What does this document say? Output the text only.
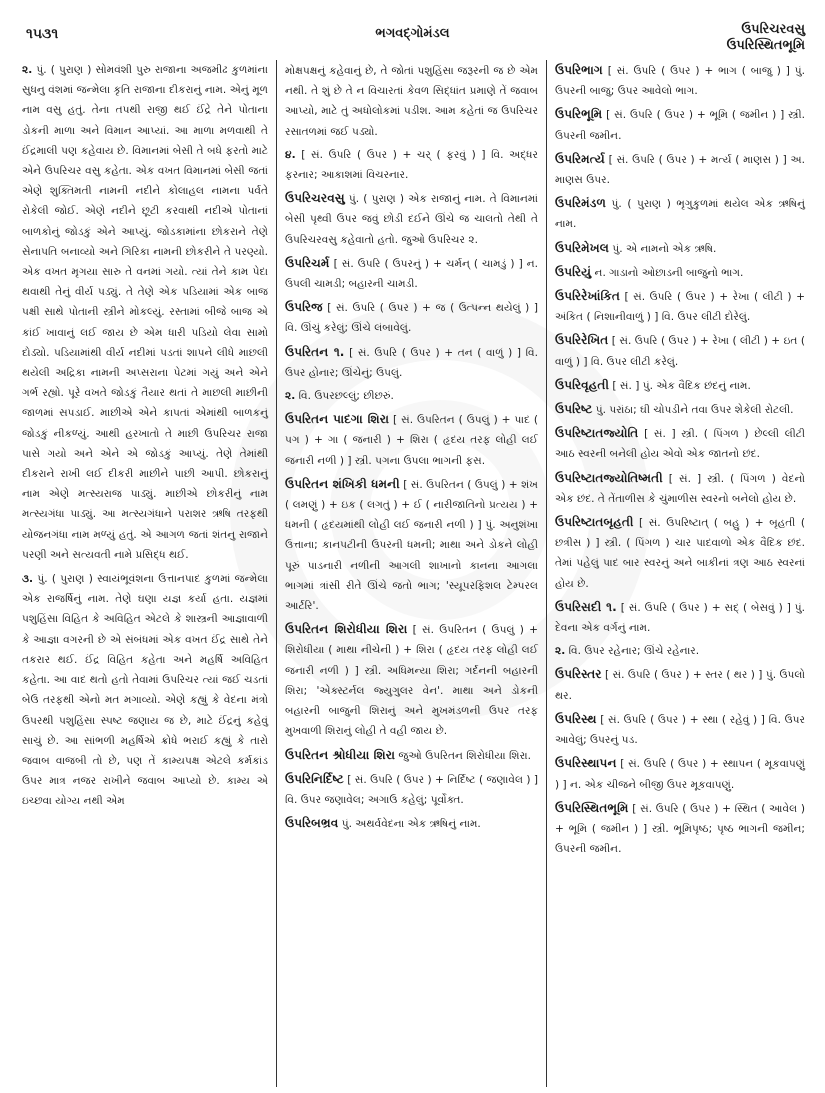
૧૫૩૧	ભગવદ્ગોમંડલ	ઉપરિચરવસુ
ઉપરિસ્થિતભૂમિ

૨. પું. ( પુરાણ ) સોમવંશી પુરુ રાજાના અજમીઢ કુળમાંના સુધનુ વંશમાં જન્મેલા કૃતિ રાજાના દીકરાનું નામ. એનું મૂળ નામ વસુ હતું. તેના તપથી રાજી થઈ ઈંદ્રે તેને પોતાના ડોકની માળા અને વિમાન આપ્યાં. આ માળા મળવાથી તે ઈંદ્રમાલી પણ કહેવાય છે. વિમાનમાં બેસી તે બધે ફરતો માટે એને ઉપરિચર વસુ કહેતા. એક વખત વિમાનમાં બેસી જતાં એણે શુક્તિમતી નામની નદીને કોલાહલ નામના પર્વતે રોકેલી જોઈ. એણે નદીને છૂટી કરવાથી નદીએ પોતાનાં બાળકોનું જોડકું એને આપ્યું. જોડકામાંના છોકરાને તેણે સેનાપતિ બનાવ્યો અને ગિરિકા નામની છોકરીને તે પરણ્યો. એક વખત મૃગયા સારુ તે વનમાં ગયો. ત્યાં તેને કામ પેદા થવાથી તેનું વીર્ય પડ્યું. તે તેણે એક પડિયામાં એક બાજ પક્ષી સાથે પોતાની સ્ત્રીને મોકલ્યું. રસ્તામાં બીજે બાજ એ કાંઈ ખાવાનું લઈ જાય છે એમ ધારી પડિયો લેવા સામો દોડ્યો. પડિયામાંથી વીર્ય નદીમાં પડતાં શાપને લીધે માછલી થયેલી અદ્રિકા નામની અપ્સરાના પેટમાં ગયું અને એને ગર્ભ રહ્યો. પૂરે વખતે જોડકું તૈયાર થતાં તે માછલી માછીની જાળમાં સપડાઈ. માછીએ એને કાપતાં એમાંથી બાળકનું જોડકું નીકળ્યું. આથી હરખાતો તે માછી ઉપરિચર રાજા પાસે ગયો અને એને એ જોડકું આપ્યું. તેણે તેમાંથી દીકરાને રાખી લઈ દીકરી માછીને પાછી આપી. છોકરાનું નામ એણે મત્સ્યરાજ પાડ્યું. માછીએ છોકરીનું નામ મત્સ્યગંધા પાડ્યું. આ મત્સ્યગંધાને પરાશર ઋષિ તરફથી યોજનગંધા નામ મળ્યું હતું. એ આગળ જતાં શંતનુ રાજાને પરણી અને સત્યવતી નામે પ્રસિદ્ધ થઈ.

૩. પું. ( પુરાણ ) સ્વાયંભૂવંશના ઉત્તાનપાદ કુળમાં જન્મેલા એક રાજર્ષિનું નામ. તેણે ઘણા યજ્ઞ કર્યા હતા. યજ્ઞમાં પશુહિંસા વિહિત કે અવિહિત એટલે કે શાસ્ત્રની આજ્ઞાવાળી કે આજ્ઞા વગરની છે એ સંબંધમાં એક વખત ઈંદ્ર સાથે તેને તકરાર થઈ. ઈંદ્ર વિહિત કહેતા અને મહર્ષિ અવિહિત કહેતા. આ વાદ થતો હતો તેવામાં ઉપરિચર ત્યાં જઈ ચડતાં બેઉ તરફથી એનો મત મગાવ્યો. એણે કહ્યું કે વેદના મંત્રો ઉપરથી પશુહિંસા સ્પષ્ટ જણાય જ છે, માટે ઈંદ્રનું કહેવું સાચું છે. આ સાંભળી મહર્ષિએ ક્રોધે ભરાઈ કહ્યું કે તારો જવાબ વાજબી તો છે, પણ તેં કામ્યપક્ષ એટલે કર્મકાંડ ઉપર માત્ર નજર રાખીને જવાબ આપ્યો છે. કામ્ય એ ઇચ્છવા યોગ્ય નથી એમ

મોક્ષપક્ષનું કહેવાનું છે, તે જોતાં પશુહિંસા જરૂરની જ છે એમ નથી. તે શું છે તે ન વિચારતાં કેવળ સિદ્ધાંત પ્રમાણે તેં જવાબ આપ્યો, માટે તું અધોલોકમાં પડીશ. આમ કહેતાં જ ઉપરિચર રસાતળમાં જઈ પડ્યો.
૪. [ સં. ઉપરિ ( ઉપર ) + ચર્ ( ફરવું ) ] વિ. અદ્ધર ફરનાર; આકાશમાં વિચરનાર.
ઉપરિચરવસુ પું. ( પુરાણ ) એક રાજાનું નામ. તે વિમાનમાં બેસી પૃથ્વી ઉપર જવું છોડી દઈને ઊંચે જ ચાલતો તેથી તે ઉપરિચરવસુ કહેવાતો હતો. જુઓ ઉપરિચર ૨.
ઉપરિચર્મ [ સં. ઉપરિ ( ઉપરનું ) + ચર્મન્ ( ચામડું ) ] ન. ઉપલી ચામડી; બહારની ચામડી.
ઉપરિજ [ સં. ઉપરિ ( ઉપર ) + જ ( ઉત્પન્ન થયેલું ) ] વિ. ઊંચું કરેલું; ઊંચે લંબાવેલું.
ઉપરિતન ૧. [ સં. ઉપરિ ( ઉપર ) + તન ( વાળું ) ] વિ. ઉપર હોનાર; ઊંચેનું; ઉપલું.
૨. વિ. ઉપરછલ્લું; છીછરું.
ઉપરિતન પાદગા શિરા [ સં. ઉપરિતન ( ઉપલું ) + પાદ ( પગ ) + ગા ( જનારી ) + શિરા ( હૃદય તરફ લોહી લઈ જનારી નળી ) ] સ્ત્રી. પગના ઉપલા ભાગની ફસ.
ઉપરિતન શંખિકી ધમની [ સં. ઉપરિતન ( ઉપલું ) + શંખ ( લમણું ) + ઇક ( લગતું ) + ઈ ( નારીજાતિનો પ્રત્યય ) + ધમની ( હૃદયમાંથી લોહી લઈ જનારી નળી ) ] પું. અનુશંખા ઉત્તાના; કાનપટીની ઉપરની ધમની; માથા અને ડોકને લોહી પૂરું પાડનારી નળીની આગલી શાખાનો કાનના આગલા ભાગમાં ત્રાંસી રીતે ઊંચે જતો ભાગ; 'સ્યૂપરફિશલ ટેમ્પરલ આર્ટરિ'.
ઉપરિતન શિરોધીયા શિરા [ સં. ઉપરિતન ( ઉપલું ) + શિરોધીયા ( માથા નીચેની ) + શિરા ( હૃદય તરફ લોહી લઈ જનારી નળી ) ] સ્ત્રી. અધિમન્યા શિરા; ગર્દનની બહારની શિરા; 'એક્સ્ટર્નલ જ્યુગુલર વેન'. માથા અને ડોકની બહારની બાજુની શિરાનું અને મુખમંડળની ઉપર તરફ મુખવાળી શિરાનું લોહી તે વહી જાય છે.
ઉપરિતન શ્રોધીયા શિરા જુઓ ઉપરિતન શિરોધીયા શિરા.
ઉપરિનિર્દિષ્ટ [ સં. ઉપરિ ( ઉપર ) + નિર્દિષ્ટ ( જણાવેલ ) ] વિ. ઉપર જણાવેલ; અગાઉ કહેલું; પૂર્વોક્ત.
ઉપરિબભ્રવ પું. અથર્વવેદના એક ઋષિનું નામ.
ઉપરિભાગ [ સં. ઉપરિ ( ઉપર ) + ભાગ ( બાજુ ) ] પું. ઉપરની બાજુ; ઉપર આવેલો ભાગ.
ઉપરિભૂમિ [ સં. ઉપરિ ( ઉપર ) + ભૂમિ ( જમીન ) ] સ્ત્રી. ઉપરની જમીન.
ઉપરિમર્ત્ય [ સં. ઉપરિ ( ઉપર ) + મર્ત્ય ( માણસ ) ] અ. માણસ ઉપર.
ઉપરિમંડળ પું. ( પુરાણ ) ભૃગુકુળમાં થયેલ એક ઋષિનું નામ.
ઉપરિમેખલ પું. એ નામનો એક ઋષિ.
ઉપરિયું ન. ગાડાનો ઓછાડની બાજુનો ભાગ.
ઉપરિરેખાંકિત [ સં. ઉપરિ ( ઉપર ) + રેખા ( લીટી ) + અંકિત ( નિશાનીવાળું ) ] વિ. ઉપર લીટી દોરેલું.
ઉપરિરેખિત [ સં. ઉપરિ ( ઉપર ) + રેખા ( લીટી ) + ઇત ( વાળું ) ] વિ. ઉપર લીટી કરેલું.
ઉપરિવૃહતી [ સં. ] પું. એક વૈદિક છંદનું નામ.
ઉપરિષ્ટ પું. પરાંઠા; ઘી ચોપડીને તવા ઉપર શેકેલી રોટલી.
ઉપરિષ્ટાતજ્યોતિ [ સં. ] સ્ત્રી. ( પિંગળ ) છેલ્લી લીટી આઠ સ્વરની બનેલી હોય એવો એક જાતનો છંદ.
ઉપરિષ્ટાતજ્યોતિષ્મતી [ સં. ] સ્ત્રી. ( પિંગળ ) વેદનો એક છંદ. તે તેંતાળીસ કે ચુંમાળીસ સ્વરનો બનેલો હોય છે.
ઉપરિષ્ટાતબૃહતી [ સં. ઉપરિષ્ટાત્ ( બહુ ) + બૃહતી ( છત્રીસ ) ] સ્ત્રી. ( પિંગળ ) ચાર પાદવાળો એક વૈદિક છંદ. તેમાં પહેલું પાદ બાર સ્વરનું અને બાકીનાં ત્રણ આઠ સ્વરનાં હોય છે.
ઉપરિસદી ૧. [ સં. ઉપરિ ( ઉપર ) + સદ્ ( બેસવું ) ] પું. દેવના એક વર્ગનું નામ.
૨. વિ. ઉપર રહેનાર; ઊંચે રહેનાર.
ઉપરિસ્તર [ સં. ઉપરિ ( ઉપર ) + સ્તર ( થર ) ] પું. ઉપલો થર.
ઉપરિસ્થ [ સં. ઉપરિ ( ઉપર ) + સ્થા ( રહેવું ) ] વિ. ઉપર આવેલું; ઉપરનું પડ.
ઉપરિસ્થાપન [ સં. ઉપરિ ( ઉપર ) + સ્થાપન ( મૂકવાપણું ) ] ન. એક ચીજને બીજી ઉપર મૂકવાપણું.
ઉપરિસ્થિતભૂમિ [ સં. ઉપરિ ( ઉપર ) + સ્થિત ( આવેલ ) + ભૂમિ ( જમીન ) ] સ્ત્રી. ભૂમિપૃષ્ઠ; પૃષ્ઠ ભાગની જમીન; ઉપરની જમીન.
